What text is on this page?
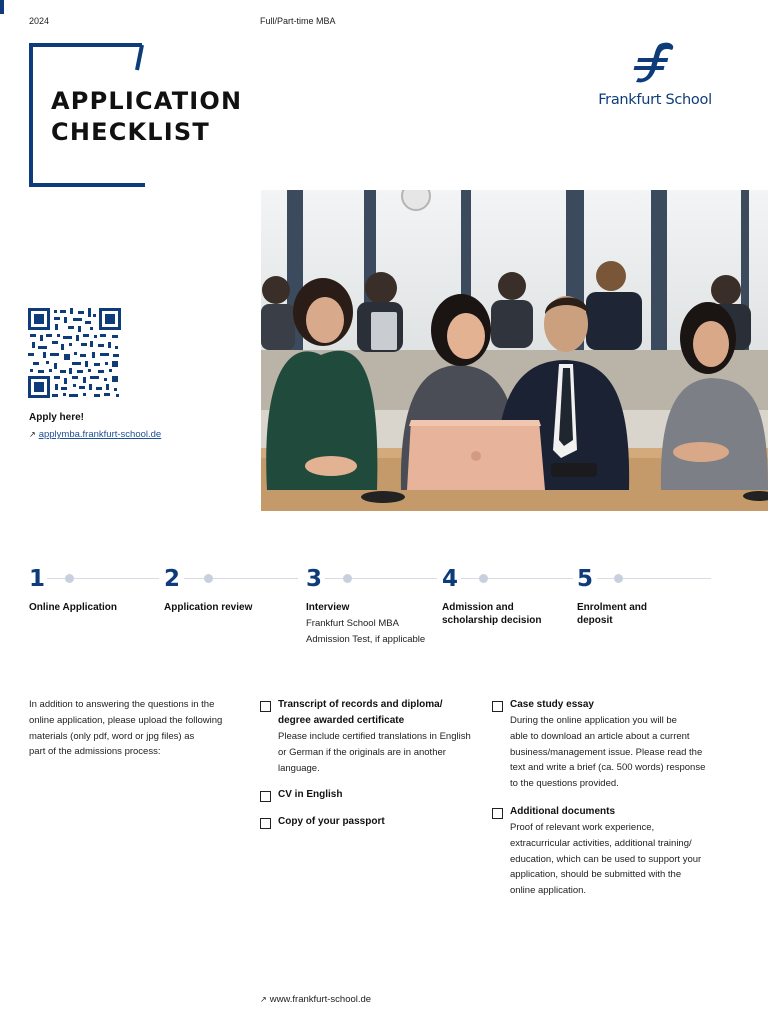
2024	Full/Part-time MBA
APPLICATION
CHECKLIST
Frankfurt School
Apply here!
↗ applymba.frankfurt-school.de
1
Online Application
2
Application review
3
Interview
Frankfurt School MBA
Admission Test, if applicable
4
Admission and
scholarship decision
5
Enrolment and
deposit
In addition to answering the questions in the
online application, please upload the following
materials (only pdf, word or jpg files) as
part of the admissions process:
Transcript of records and diploma/
degree awarded certificate
Please include certified translations in English
or German if the originals are in another
language.
CV in English
Copy of your passport
Case study essay
During the online application you will be
able to download an article about a current
business/management issue. Please read the
text and write a brief (ca. 500 words) response
to the questions provided.
Additional documents
Proof of relevant work experience,
extracurricular activities, additional training/
education, which can be used to support your
application, should be submitted with the
online application.
↗ www.frankfurt-school.de
